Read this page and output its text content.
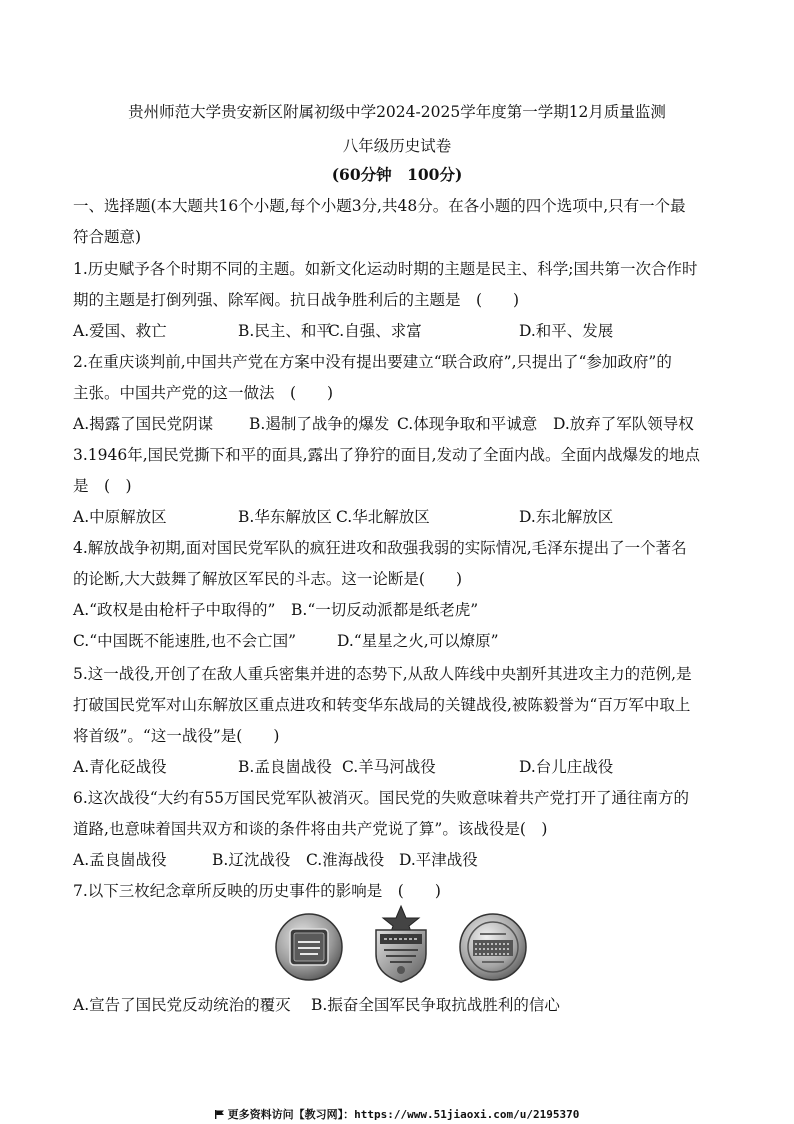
贵州师范大学贵安新区附属初级中学2024-2025学年度第一学期12月质量监测
八年级历史试卷
(60分钟　100分)
一、选择题(本大题共16个小题,每个小题3分,共48分。在各小题的四个选项中,只有一个最
符合题意)
1.历史赋予各个时期不同的主题。如新文化运动时期的主题是民主、科学;国共第一次合作时
期的主题是打倒列强、除军阀。抗日战争胜利后的主题是　(　　)
A.爱国、救亡	B.民主、和平
C.自强、求富	D.和平、发展
2.在重庆谈判前,中国共产党在方案中没有提出要建立“联合政府”,只提出了“参加政府”的
主张。中国共产党的这一做法　(　　)
A.揭露了国民党阴谋 B.遏制了战争的爆发 C.体现争取和平诚意 D.放弃了军队领导权
3.1946年,国民党撕下和平的面具,露出了狰狞的面目,发动了全面内战。全面内战爆发的地点
是　(　)
A.中原解放区	B.华东解放区 C.华北解放区	D.东北解放区
4.解放战争初期,面对国民党军队的疯狂进攻和敌强我弱的实际情况,毛泽东提出了一个著名
的论断,大大鼓舞了解放区军民的斗志。这一论断是(　　)
A.“政权是由枪杆子中取得的” B.“一切反动派都是纸老虎”
C.“中国既不能速胜,也不会亡国”	D.“星星之火,可以燎原”
5.这一战役,开创了在敌人重兵密集并进的态势下,从敌人阵线中央割歼其进攻主力的范例,是
打破国民党军对山东解放区重点进攻和转变华东战局的关键战役,被陈毅誉为“百万军中取上
将首级”。“这一战役”是(　　)
A.青化砭战役	B.孟良崮战役 C.羊马河战役	D.台儿庄战役
6.这次战役“大约有55万国民党军队被消灭。国民党的失败意味着共产党打开了通往南方的
道路,也意味着国共双方和谈的条件将由共产党说了算”。该战役是(　)
A.孟良崮战役	B.辽沈战役 C.淮海战役 D.平津战役
7.以下三枚纪念章所反映的历史事件的影响是　(　　)
A.宣告了国民党反动统治的覆灭 B.振奋全国军民争取抗战胜利的信心
更多资料访问【教习网】：https://www.51jiaoxi.com/u/2195370
